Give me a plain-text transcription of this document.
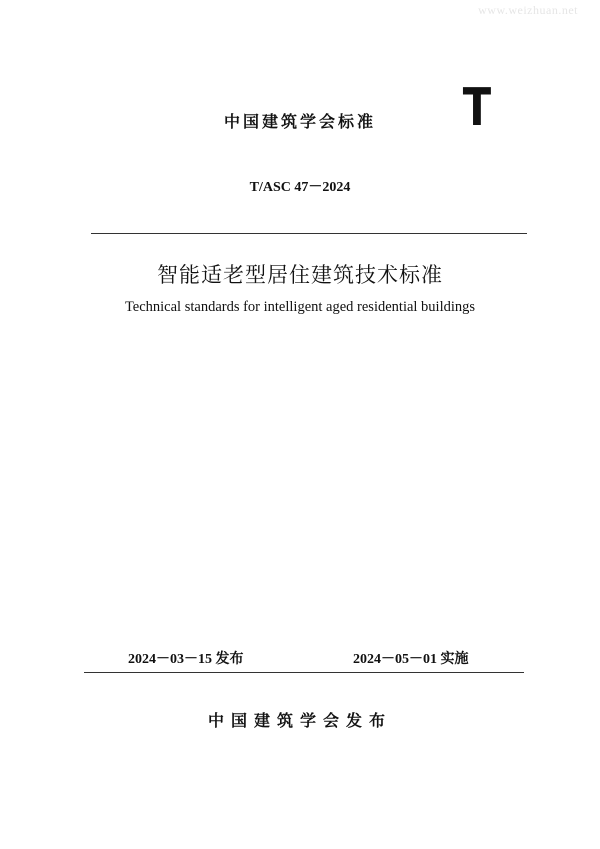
www.weizhuan.net
中国建筑学会标准	T
T/ASC 47－2024
智能适老型居住建筑技术标准
Technical standards for intelligent aged residential buildings
2024－03－15 发布	2024－05－01 实施
中国建筑学会发布
